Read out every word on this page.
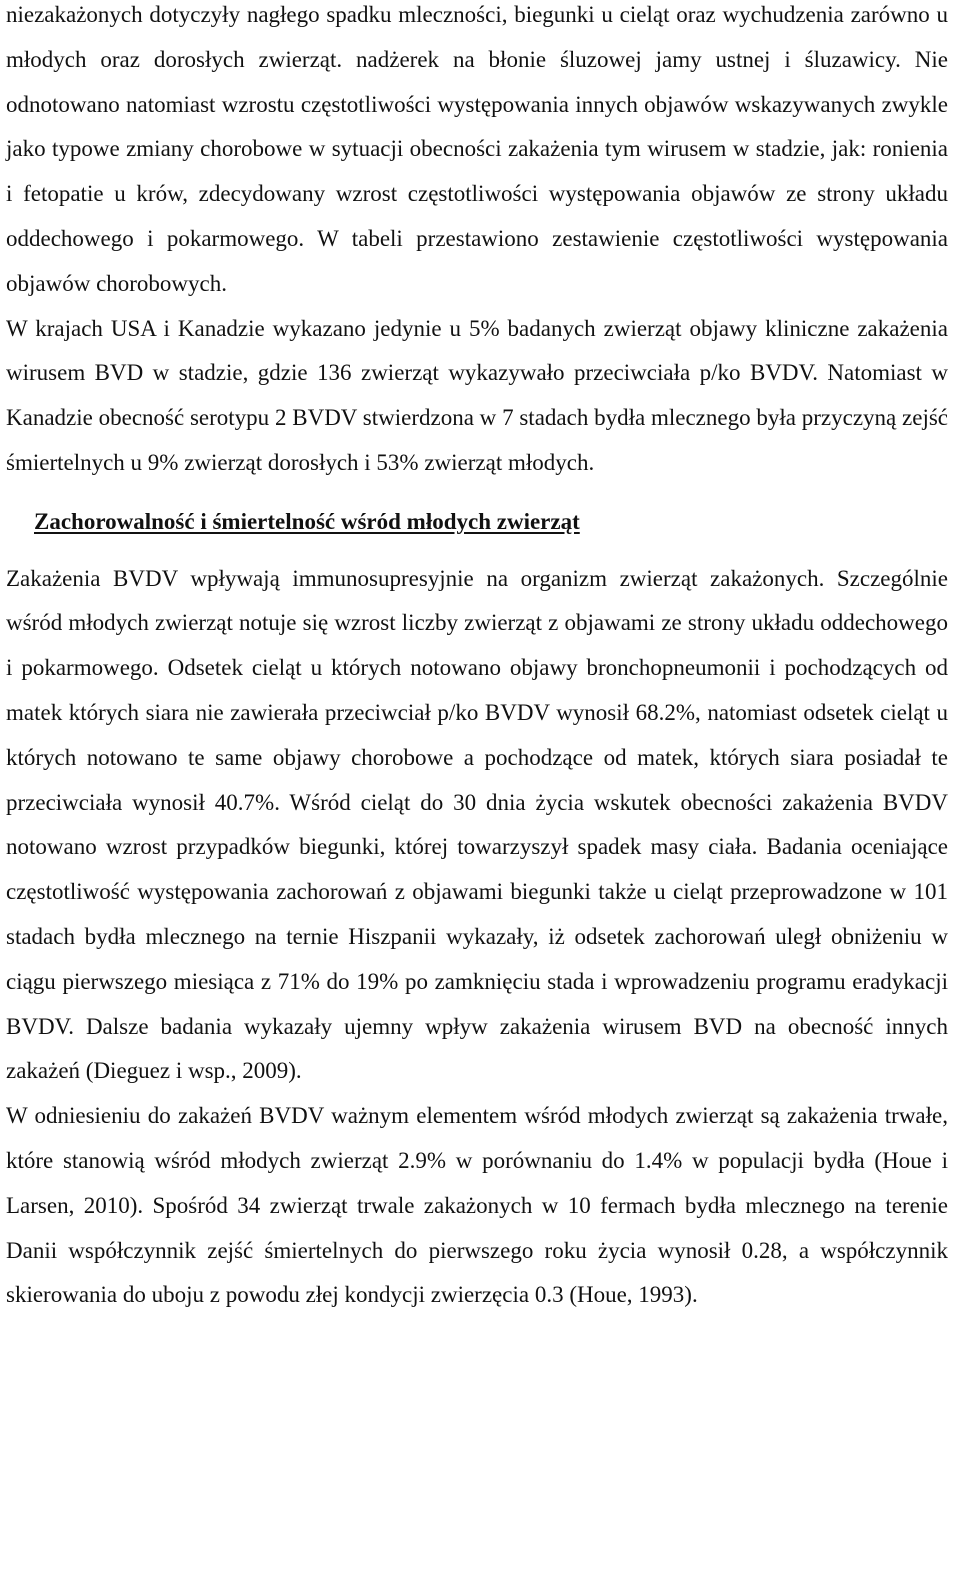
niezakażonych dotyczyły nagłego spadku mleczności, biegunki u cieląt oraz wychudzenia zarówno u młodych oraz dorosłych zwierząt. nadżerek na błonie śluzowej jamy ustnej i śluzawicy. Nie odnotowano natomiast wzrostu częstotliwości występowania innych objawów wskazywanych zwykle jako typowe zmiany chorobowe w sytuacji obecności zakażenia tym wirusem w stadzie, jak: ronienia i fetopatie u krów, zdecydowany wzrost częstotliwości występowania objawów ze strony układu oddechowego i pokarmowego. W tabeli przestawiono zestawienie częstotliwości występowania objawów chorobowych.

W krajach USA i Kanadzie wykazano jedynie u 5% badanych zwierząt objawy kliniczne zakażenia wirusem BVD w stadzie, gdzie 136 zwierząt wykazywało przeciwciała p/ko BVDV. Natomiast w Kanadzie obecność serotypu 2 BVDV stwierdzona w 7 stadach bydła mlecznego była przyczyną zejść śmiertelnych u 9% zwierząt dorosłych i 53% zwierząt młodych.

Zachorowalność i śmiertelność wśród młodych zwierząt

Zakażenia BVDV wpływają immunosupresyjnie na organizm zwierząt zakażonych. Szczególnie wśród młodych zwierząt notuje się wzrost liczby zwierząt z objawami ze strony układu oddechowego i pokarmowego. Odsetek cieląt u których notowano objawy bronchopneumonii i pochodzących od matek których siara nie zawierała przeciwciał p/ko BVDV wynosił 68.2%, natomiast odsetek cieląt u których notowano te same objawy chorobowe a pochodzące od matek, których siara posiadał te przeciwciała wynosił 40.7%. Wśród cieląt do 30 dnia życia wskutek obecności zakażenia BVDV notowano wzrost przypadków biegunki, której towarzyszył spadek masy ciała. Badania oceniające częstotliwość występowania zachorowań z objawami biegunki także u cieląt przeprowadzone w 101 stadach bydła mlecznego na ternie Hiszpanii wykazały, iż odsetek zachorowań uległ obniżeniu w ciągu pierwszego miesiąca z 71% do 19% po zamknięciu stada i wprowadzeniu programu eradykacji BVDV. Dalsze badania wykazały ujemny wpływ zakażenia wirusem BVD na obecność innych zakażeń (Dieguez i wsp., 2009).

W odniesieniu do zakażeń BVDV ważnym elementem wśród młodych zwierząt są zakażenia trwałe, które stanowią wśród młodych zwierząt 2.9% w porównaniu do 1.4% w populacji bydła (Houe i Larsen, 2010). Spośród 34 zwierząt trwale zakażonych w 10 fermach bydła mlecznego na terenie Danii współczynnik zejść śmiertelnych do pierwszego roku życia wynosił 0.28, a współczynnik skierowania do uboju z powodu złej kondycji zwierzęcia 0.3 (Houe, 1993).
